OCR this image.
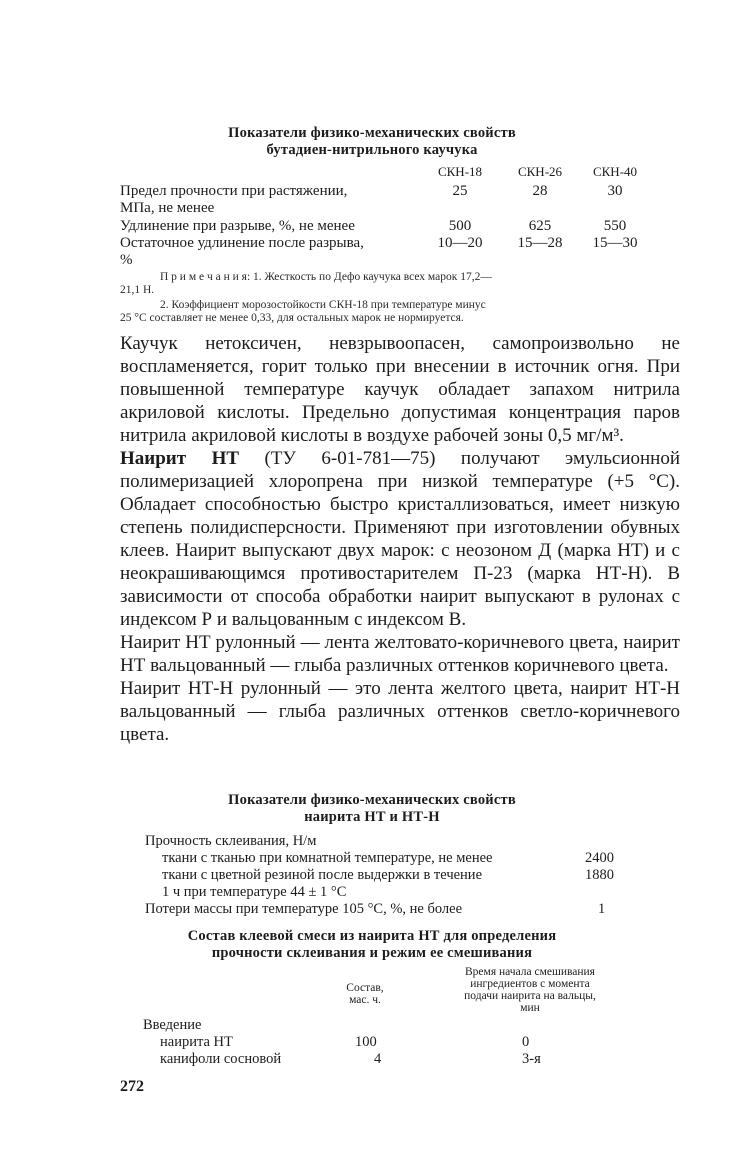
Показатели физико-механических свойств
бутадиен-нитрильного каучука
СКН-18	СКН-26	СКН-40
Предел прочности при растяжении,
МПа, не менее
25	28	30
Удлинение при разрыве, %, не менее	500	625	550
Остаточное удлинение после разрыва,
%
10—20	15—28	15—30
П р и м е ч а н и я: 1. Жесткость по Дефо каучука всех марок 17,2—
21,1 Н.
2. Коэффициент морозостойкости СКН-18 при температуре минус
25 °С составляет не менее 0,33, для остальных марок не нормируется.

Каучук нетоксичен, невзрывоопасен, самопроизвольно не воспламеняется, горит только при внесении в источник огня. При повышенной температуре каучук обладает запахом нитрила акриловой кислоты. Предельно допустимая концентрация паров нитрила акриловой кислоты в воздухе рабочей зоны 0,5 мг/м³.

Наирит НТ (ТУ 6-01-781—75) получают эмульсионной полимеризацией хлоропрена при низкой температуре (+5 °С). Обладает способностью быстро кристаллизоваться, имеет низкую степень полидисперсности. Применяют при изготовлении обувных клеев. Наирит выпускают двух марок: с неозоном Д (марка НТ) и с неокрашивающимся противостарителем П-23 (марка НТ-Н). В зависимости от способа обработки наирит выпускают в рулонах с индексом Р и вальцованным с индексом В.

Наирит НТ рулонный — лента желтовато-коричневого цвета, наирит НТ вальцованный — глыба различных оттенков коричневого цвета.

Наирит НТ-Н рулонный — это лента желтого цвета, наирит НТ-Н вальцованный — глыба различных оттенков светло-коричневого цвета.

Показатели физико-механических свойств
наирита НТ и НТ-Н
Прочность склеивания, Н/м
ткани с тканью при комнатной температуре, не менее	2400
ткани с цветной резиной после выдержки в течение	1880
1 ч при температуре 44 ± 1 °С
Потери массы при температуре 105 °С, %, не более	1
Состав клеевой смеси из наирита НТ для определения
прочности склеивания и режим ее смешивания
Состав,
мас. ч.
Время начала смешивания
ингредиентов с момента
подачи наирита на вальцы,
мин
Введение
наирита НТ	100	0
канифоли сосновой	4	3-я
272
